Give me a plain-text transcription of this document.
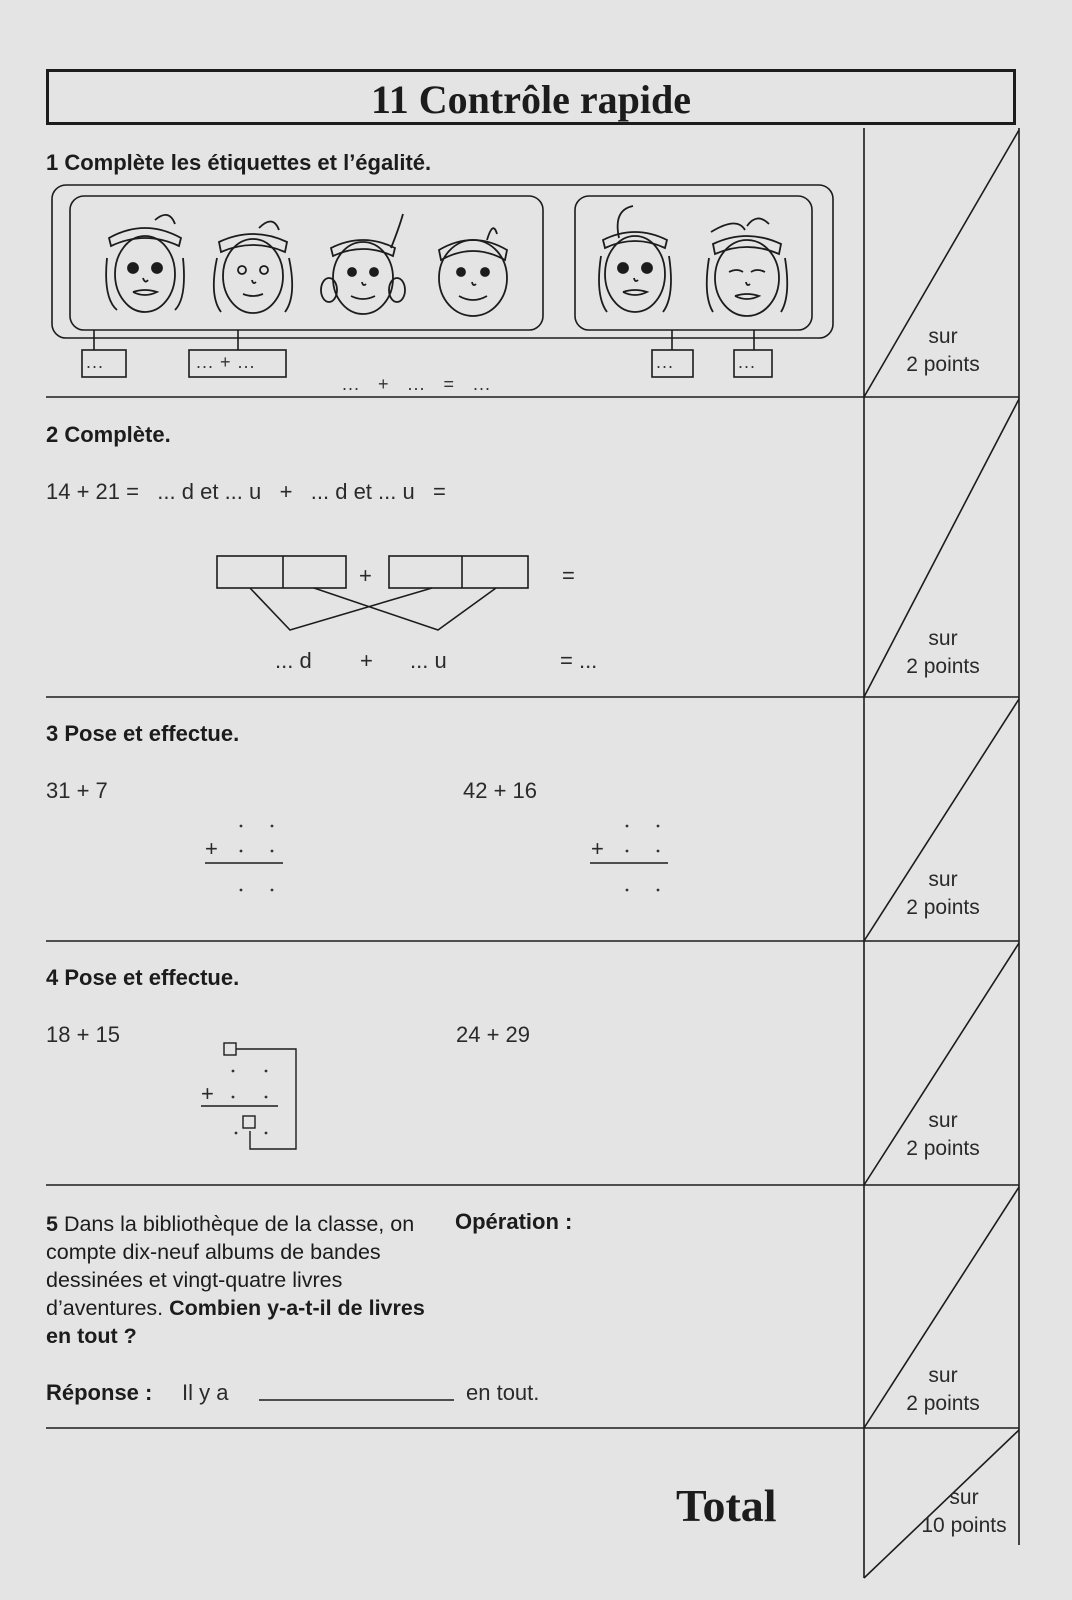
11 Contrôle rapide
1 Complète les étiquettes et l’égalité.
...	... + ...	...	...
...   +   ...   =   ...
sur
2 points
2 Complète.
14 + 21 =   ... d et ... u   +   ... d et ... u   =
+	=
... d + ... u	= ...
sur
2 points
3 Pose et effectue.
31 + 7	42 + 16
+	+
sur
2 points
4 Pose et effectue.
18 + 15	24 + 29
+
sur
2 points
5 Dans la bibliothèque de la classe, on compte dix-neuf albums de bandes dessinées et vingt-quatre livres d’aventures. Combien y-a-t-il de livres en tout ?
Opération :
Réponse : Il y a	en tout.
sur
2 points
Total	sur
10 points
